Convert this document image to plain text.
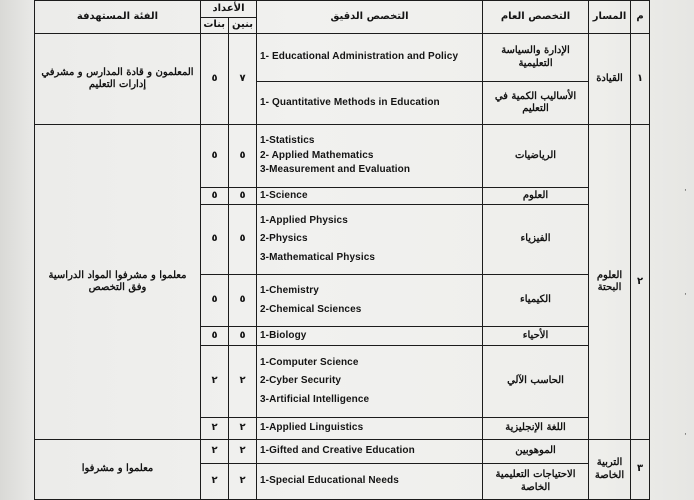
م	المسار	التخصص العام	التخصص الدقيق	الأعداد		الفئة المستهدفة
				بنين	بنات	
١	القيادة	الإدارة والسياسة التعليمية	1- Educational Administration and Policy	٧	٥	المعلمون و قادة المدارس و مشرفي إدارات التعليم
		الأساليب الكمية في التعليم	1- Quantitative Methods in Education			

٢	العلوم البحتة	الرياضيات	1-Statistics
2- Applied Mathematics
3-Measurement and Evaluation	٥	٥	معلموا و مشرفوا المواد الدراسية وفق التخصص
		العلوم	1-Science	٥	٥	
		الفيزياء	1-Applied Physics
2-Physics
3-Mathematical Physics	٥	٥	
		الكيمياء	1-Chemistry
2-Chemical Sciences	٥	٥	
		الأحياء	1-Biology	٥	٥	
		الحاسب الآلي	1-Computer Science
2-Cyber Security
3-Artificial Intelligence	٢	٢	
		اللغة الإنجليزية	1-Applied Linguistics	٢	٢	
٣	التربية الخاصة	الموهوبين	1-Gifted and Creative Education	٢	٢	معلموا و مشرفوا
		الاحتياجات التعليمية الخاصة	1-Special Educational Needs	٢	٢	
·
·
·
